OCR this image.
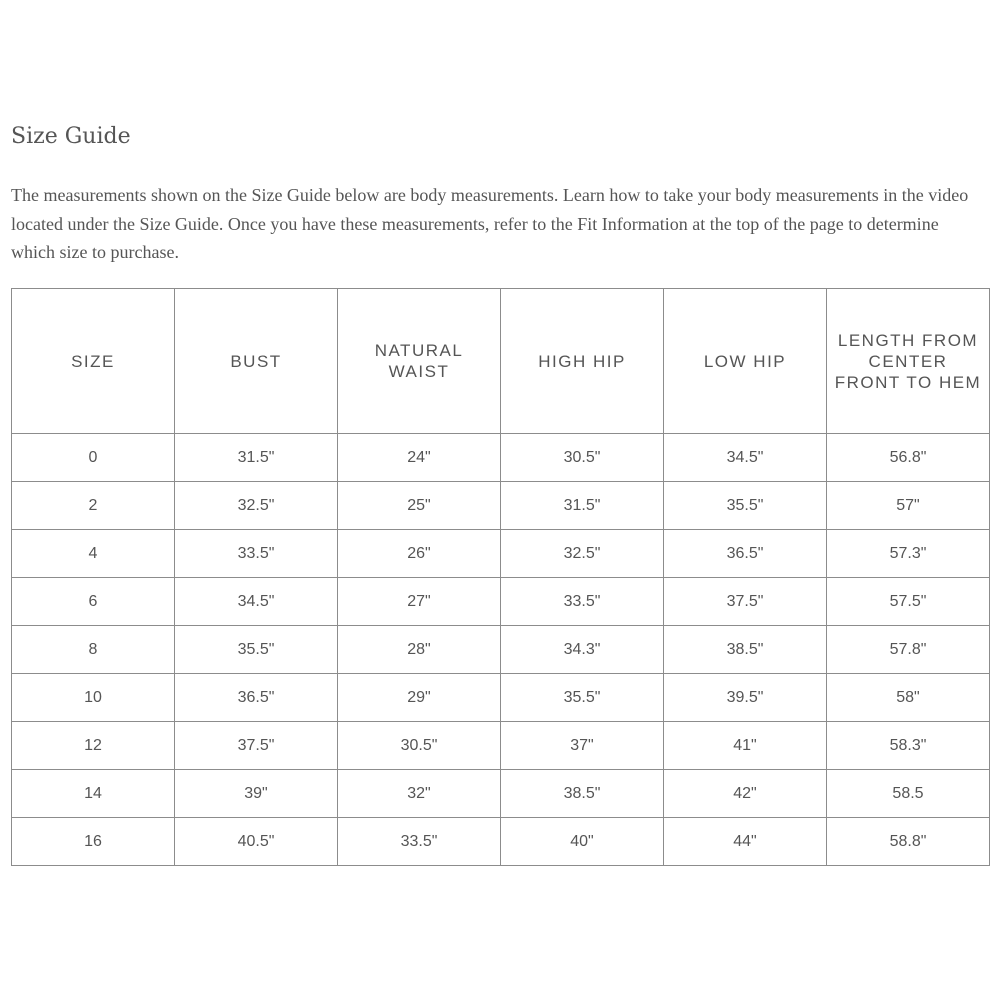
Size Guide

The measurements shown on the Size Guide below are body measurements. Learn how to take your body measurements in the video located under the Size Guide. Once you have these measurements, refer to the Fit Information at the top of the page to determine which size to purchase.

SIZE	BUST	NATURAL WAIST	HIGH HIP	LOW HIP	LENGTH FROM CENTER FRONT TO HEM
0	31.5"	24"	30.5"	34.5"	56.8"
2	32.5"	25"	31.5"	35.5"	57"
4	33.5"	26"	32.5"	36.5"	57.3"
6	34.5"	27"	33.5"	37.5"	57.5"
8	35.5"	28"	34.3"	38.5"	57.8"
10	36.5"	29"	35.5"	39.5"	58"
12	37.5"	30.5"	37"	41"	58.3"
14	39"	32"	38.5"	42"	58.5
16	40.5"	33.5"	40"	44"	58.8"
